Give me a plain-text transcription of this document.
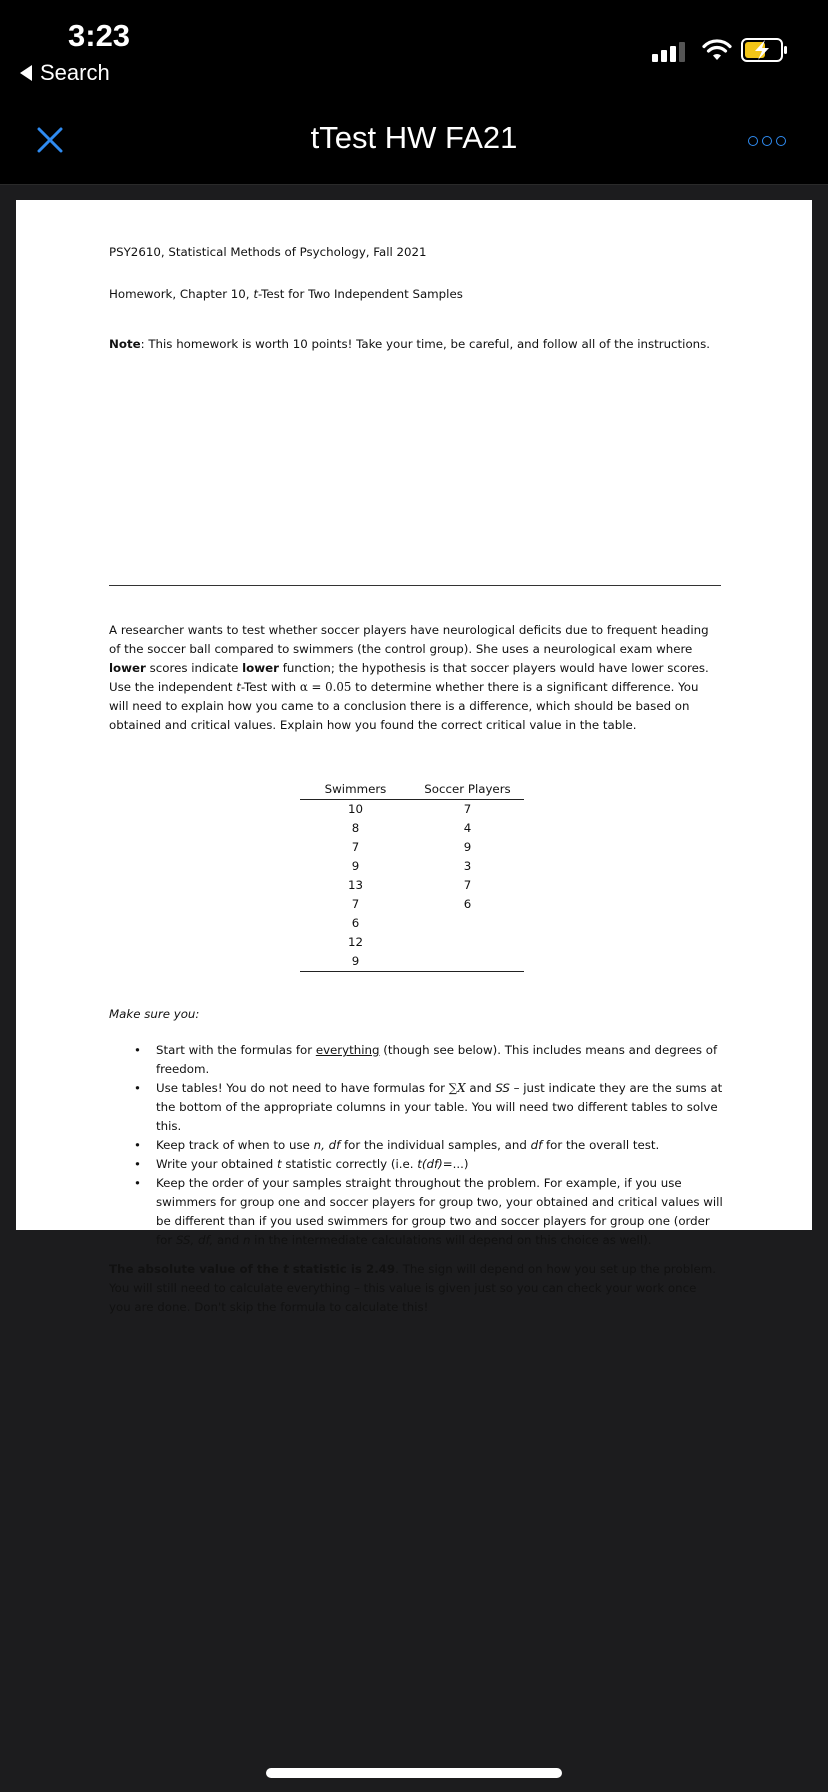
3:23
Search
tTest HW FA21
PSY2610, Statistical Methods of Psychology, Fall 2021
Homework, Chapter 10, t-Test for Two Independent Samples
Note: This homework is worth 10 points! Take your time, be careful, and follow all of the instructions.
A researcher wants to test whether soccer players have neurological deficits due to frequent heading of the soccer ball compared to swimmers (the control group). She uses a neurological exam where lower scores indicate lower function; the hypothesis is that soccer players would have lower scores. Use the independent t-Test with α = 0.05 to determine whether there is a significant difference. You will need to explain how you came to a conclusion there is a difference, which should be based on obtained and critical values. Explain how you found the correct critical value in the table.
Swimmers	Soccer Players
10	7
8	4
7	9
9	3
13	7
7	6
6	
12	
9	
Make sure you:
• Start with the formulas for everything (though see below). This includes means and degrees of freedom.
• Use tables! You do not need to have formulas for ∑X and SS – just indicate they are the sums at the bottom of the appropriate columns in your table. You will need two different tables to solve this.
• Keep track of when to use n, df for the individual samples, and df for the overall test.
• Write your obtained t statistic correctly (i.e. t(df)=...)
• Keep the order of your samples straight throughout the problem. For example, if you use swimmers for group one and soccer players for group two, your obtained and critical values will be different than if you used swimmers for group two and soccer players for group one (order for SS, df, and n in the intermediate calculations will depend on this choice as well).
The absolute value of the t statistic is 2.49. The sign will depend on how you set up the problem. You will still need to calculate everything – this value is given just so you can check your work once you are done. Don't skip the formula to calculate this!
